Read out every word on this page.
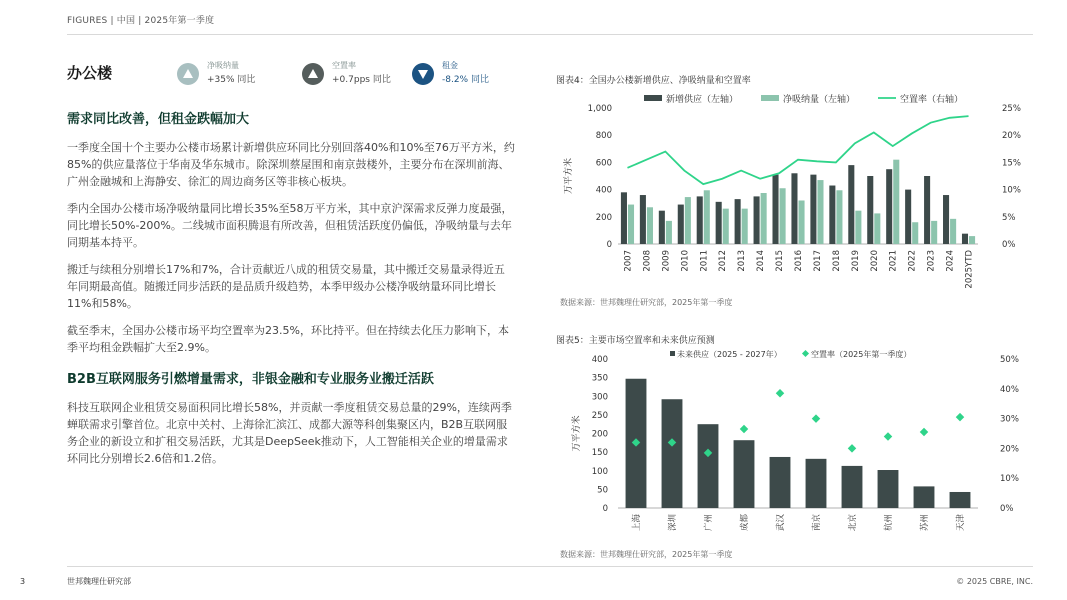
FIGURES | 中国 | 2025年第一季度
办公楼	净吸纳量
+35% 同比
空置率
+0.7pps 同比
租金
-8.2% 同比
需求同比改善，但租金跌幅加大

一季度全国十个主要办公楼市场累计新增供应环同比分别回落40%和10%至76万平方米，约85%的供应量落位于华南及华东城市。除深圳蔡屋围和南京鼓楼外，主要分布在深圳前海、广州金融城和上海静安、徐汇的周边商务区等非核心板块。

季内全国办公楼市场净吸纳量同比增长35%至58万平方米，其中京沪深需求反弹力度最强，同比增长50%-200%。二线城市面积腾退有所改善，但租赁活跃度仍偏低，净吸纳量与去年同期基本持平。

搬迁与续租分别增长17%和7%，合计贡献近八成的租赁交易量，其中搬迁交易量录得近五年同期最高值。随搬迁同步活跃的是品质升级趋势，本季甲级办公楼净吸纳量环同比增长11%和58%。

截至季末，全国办公楼市场平均空置率为23.5%，环比持平。但在持续去化压力影响下，本季平均租金跌幅扩大至2.9%。

B2B互联网服务引燃增量需求，非银金融和专业服务业搬迁活跃

科技互联网企业租赁交易面积同比增长58%，并贡献一季度租赁交易总量的29%，连续两季蝉联需求引擎首位。北京中关村、上海徐汇滨江、成都大源等科创集聚区内，B2B互联网服务企业的新设立和扩租交易活跃，尤其是DeepSeek推动下，人工智能相关企业的增量需求环同比分别增长2.6倍和1.2倍。

图表4：全国办公楼新增供应、净吸纳量和空置率
0
200
400
600
800
1,000
0%
5%
10%
15%
20%
25%
万平方米
2007 2008 2009 2010 2011 2012 2013 2014 2015 2016 2017 2018 2019 2020 2021 2022 2023 2024 2025YTD
新增供应（左轴）	净吸纳量（左轴）	空置率（右轴）
数据来源：世邦魏理仕研究部，2025年第一季度
图表5：主要市场空置率和未来供应预测
0
50
100
150
200
250
300
350
400
0%
10%
20%
30%
40%
50%
万平方米
上海	深圳	广州	成都	武汉	南京	北京	杭州	苏州	天津
未来供应（2025 - 2027年）	空置率（2025年第一季度）
数据来源：世邦魏理仕研究部，2025年第一季度
3	世邦魏理仕研究部	© 2025 CBRE, INC.
